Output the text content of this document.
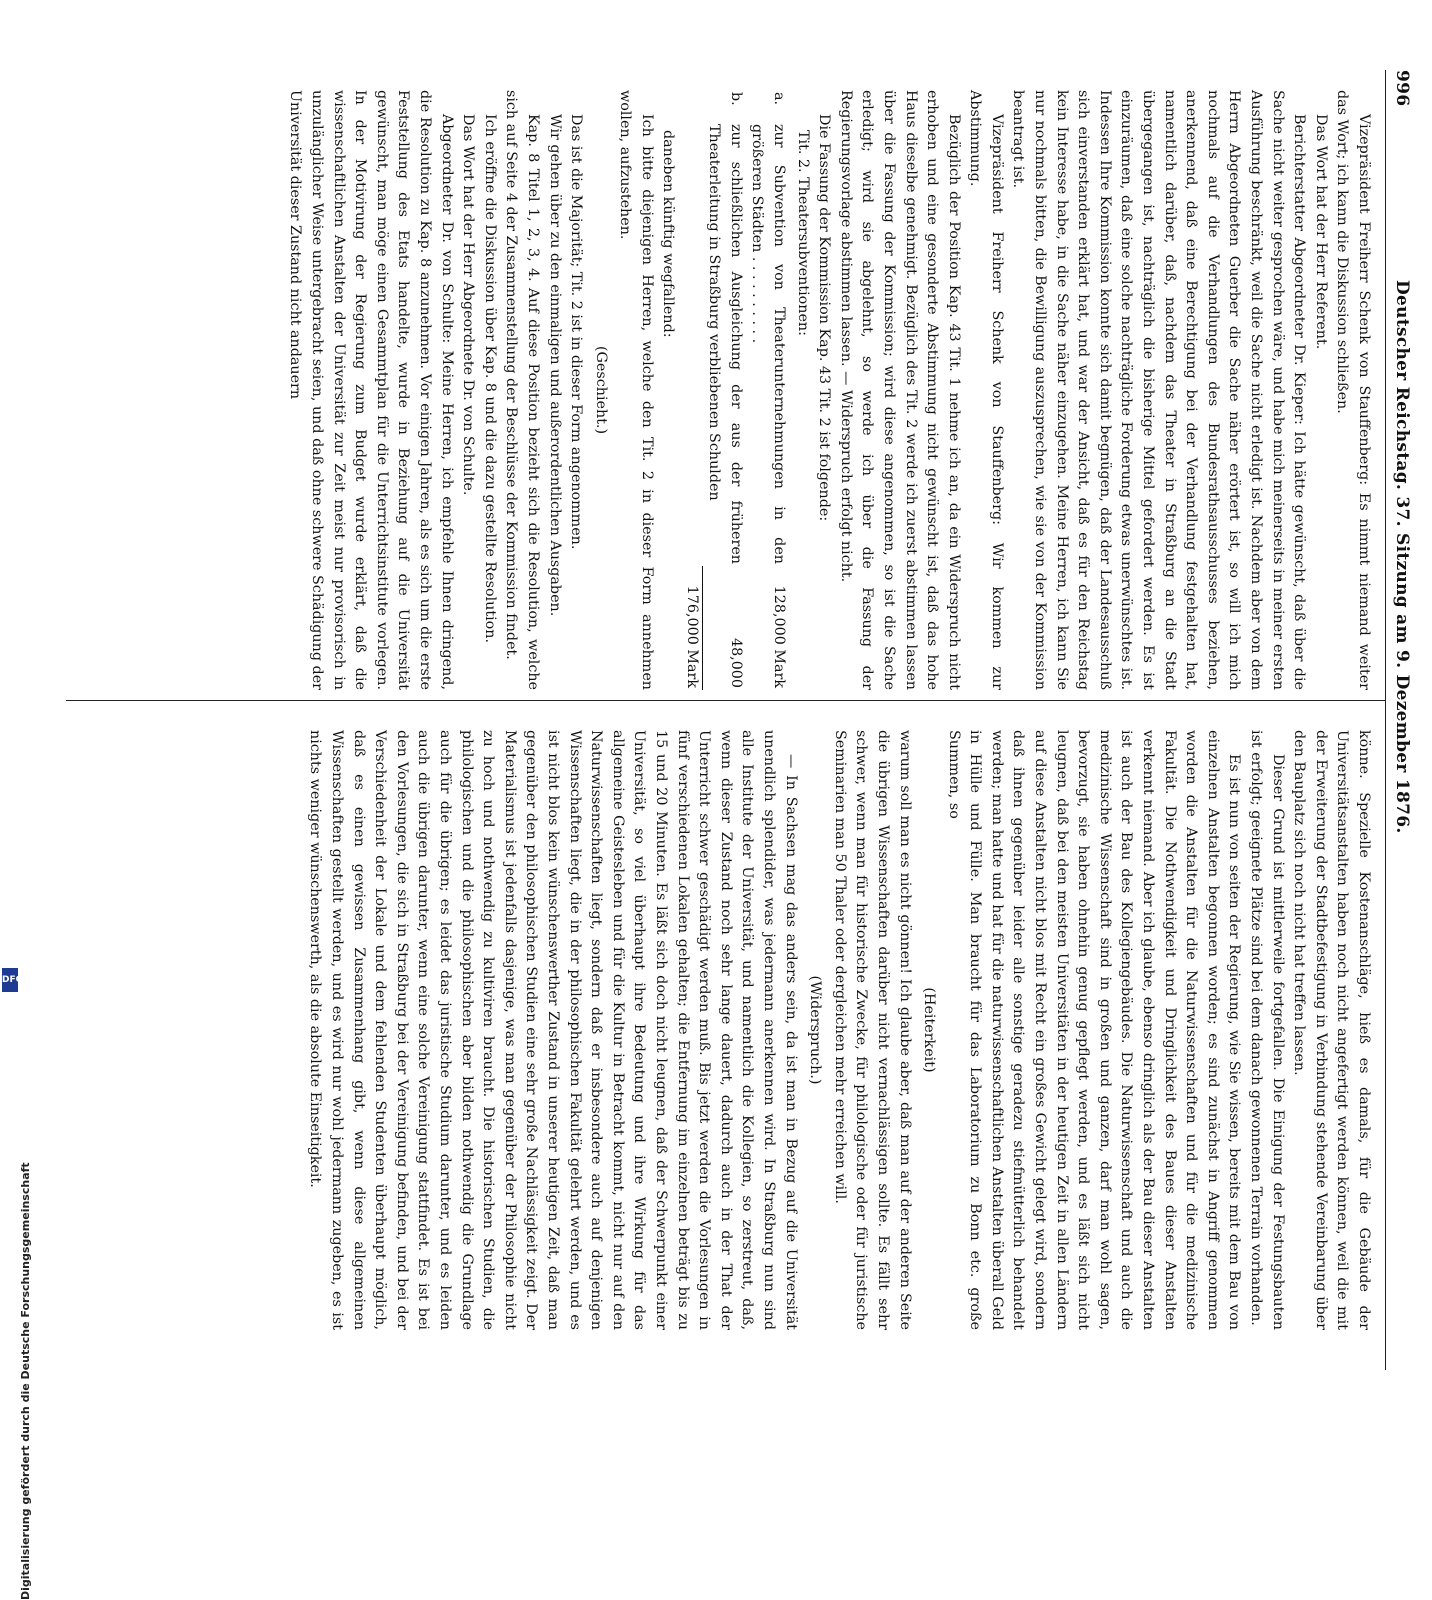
996
Deutscher Reichstag. 37. Sitzung am 9. Dezember 1876.

Vizepräsident Freiherr Schenk von Stauffenberg: Es nimmt niemand weiter das Wort; ich kann die Diskussion schließen.

Das Wort hat der Herr Referent.

Berichterstatter Abgeordneter Dr. Kieper: Ich hätte gewünscht, daß über die Sache nicht weiter gesprochen wäre, und habe mich meinerseits in meiner ersten Ausführung beschränkt, weil die Sache nicht erledigt ist. Nachdem aber von dem Herrn Abgeordneten Guerber die Sache näher erörtert ist, so will ich mich nochmals auf die Verhandlungen des Bundesrathsausschusses beziehen, anerkennend, daß eine Berechtigung bei der Verhandlung festgehalten hat, namentlich darüber, daß, nachdem das Theater in Straßburg an die Stadt übergegangen ist, nachträglich die bisherige Mittel gefordert werden. Es ist einzuräumen, daß eine solche nachträgliche Forderung etwas unerwünschtes ist. Indessen Ihre Kommission konnte sich damit begnügen, daß der Landesausschuß sich einverstanden erklärt hat, und war der Ansicht, daß es für den Reichstag kein Interesse habe, in die Sache näher einzugehen. Meine Herren, ich kann Sie nur nochmals bitten, die Bewilligung auszusprechen, wie sie von der Kommission beantragt ist.

Vizepräsident Freiherr Schenk von Stauffenberg: Wir kommen zur Abstimmung.

Bezüglich der Position Kap. 43 Tit. 1 nehme ich an, da ein Widerspruch nicht erhoben und eine gesonderte Abstimmung nicht gewünscht ist, daß das hohe Haus dieselbe genehmigt. Bezüglich des Tit. 2 werde ich zuerst abstimmen lassen über die Fassung der Kommission; wird diese angenommen, so ist die Sache erledigt; wird sie abgelehnt, so werde ich über die Fassung der Regierungsvorlage abstimmen lassen. — Widerspruch erfolgt nicht.

Die Fassung der Kommission Kap. 43 Tit. 2 ist folgende:

Tit. 2. Theatersubventionen:

a.	zur Subvention von Theaterunternehmungen in den größeren Städten . . . . . . . . . .	128,000 Mark
b.	zur schließlichen Ausgleichung der aus der früheren Theaterleitung in Straßburg verbliebenen Schulden	48,000
		176,000 Mark

daneben künftig wegfallend:

Ich bitte diejenigen Herren, welche den Tit. 2 in dieser Form annehmen wollen, aufzustehen.

(Geschieht.)

Das ist die Majorität; Tit. 2 ist in dieser Form angenommen.

Wir gehen über zu den einmaligen und außerordentlichen Ausgaben.

Kap. 8 Titel 1, 2, 3, 4. Auf diese Position bezieht sich die Resolution, welche sich auf Seite 4 der Zusammenstellung der Beschlüsse der Kommission findet.

Ich eröffne die Diskussion über Kap. 8 und die dazu gestellte Resolution.

Das Wort hat der Herr Abgeordnete Dr. von Schulte.

Abgeordneter Dr. von Schulte: Meine Herren, ich empfehle Ihnen dringend, die Resolution zu Kap. 8 anzunehmen. Vor einigen Jahren, als es sich um die erste Feststellung des Etats handelte, wurde in Beziehung auf die Universität gewünscht, man möge einen Gesammtplan für die Unterrichtsinstitute vorlegen. In der Motivirung der Regierung zum Budget wurde erklärt, daß die wissenschaftlichen Anstalten der Universität zur Zeit meist nur provisorisch in unzulänglicher Weise untergebracht seien, und daß ohne schwere Schädigung der Universität dieser Zustand nicht andauern

könne. Spezielle Kostenanschläge, hieß es damals, für die Gebäude der Universitätsanstalten haben noch nicht angefertigt werden können, weil die mit der Erweiterung der Stadtbefestigung in Verbindung stehende Vereinbarung über den Bauplatz sich noch nicht hat treffen lassen.

Dieser Grund ist mittlerweile fortgefallen. Die Einigung der Festungsbauten ist erfolgt; geeignete Plätze sind bei dem danach gewonnenen Terrain vorhanden.

Es ist nun von seiten der Regierung, wie Sie wissen, bereits mit dem Bau von einzelnen Anstalten begonnen worden; es sind zunächst in Angriff genommen worden die Anstalten für die Naturwissenschaften und für die medizinische Fakultät. Die Nothwendigkeit und Dringlichkeit des Baues dieser Anstalten verkennt niemand. Aber ich glaube, ebenso dringlich als der Bau dieser Anstalten ist auch der Bau des Kollegiengebäudes. Die Naturwissenschaft und auch die medizinische Wissenschaft sind in großen und ganzen, darf man wohl sagen, bevorzugt, sie haben ohnehin genug gepflegt werden, und es läßt sich nicht leugnen, daß bei den meisten Universitäten in der heutigen Zeit in allen Ländern auf diese Anstalten nicht blos mit Recht ein großes Gewicht gelegt wird, sondern daß ihnen gegenüber leider alle sonstige geradezu stiefmütterlich behandelt werden; man hatte und hat für die naturwissenschaftlichen Anstalten überall Geld in Hülle und Fülle. Man braucht für das Laboratorium zu Bonn etc. große Summen, so

(Heiterkeit)

warum soll man es nicht gönnen! Ich glaube aber, daß man auf der anderen Seite die übrigen Wissenschaften darüber nicht vernachlässigen sollte. Es fällt sehr schwer, wenn man für historische Zwecke, für philologische oder für juristische Seminarien man 50 Thaler oder dergleichen mehr erreichen will.

(Widerspruch.)

— In Sachsen mag das anders sein, da ist man in Bezug auf die Universität unendlich splendider, was jedermann anerkennen wird. In Straßburg nun sind alle Institute der Universität, und namentlich die Kollegien, so zerstreut, daß, wenn dieser Zustand noch sehr lange dauert, dadurch auch in der That der Unterricht schwer geschädigt werden muß. Bis jetzt werden die Vorlesungen in fünf verschiedenen Lokalen gehalten; die Entfernung im einzelnen beträgt bis zu 15 und 20 Minuten. Es läßt sich doch nicht leugnen, daß der Schwerpunkt einer Universität, so viel überhaupt ihre Bedeutung und ihre Wirkung für das allgemeine Geistesleben und für die Kultur in Betracht kommt, nicht nur auf den Naturwissenschaften liegt, sondern daß er insbesondere auch auf denjenigen Wissenschaften liegt, die in der philosophischen Fakultät gelehrt werden, und es ist nicht blos kein wünschenswerther Zustand in unserer heutigen Zeit, daß man gegenüber den philosophischen Studien eine sehr große Nachlässigkeit zeigt. Der Materialismus ist jedenfalls dasjenige, was man gegenüber der Philosophie nicht zu hoch und nothwendig zu kultiviren braucht. Die historischen Studien, die philologischen und die philosophischen aber bilden nothwendig die Grundlage auch für die übrigen; es leidet das juristische Studium darunter, und es leiden auch die übrigen darunter, wenn eine solche Vereinigung stattfindet. Es ist bei den Vorlesungen, die sich in Straßburg bei der Vereinigung befinden, und bei der Verschiedenheit der Lokale und dem fehlenden Studenten überhaupt möglich, daß es einen gewissen Zusammenhang gibt, wenn diese allgemeinen Wissenschaften gestellt werden, und es wird nur wohl jedermann zugeben, es ist nichts weniger wünschenswerth, als die absolute Einseitigkeit.

Digitalisierung gefördert durch die Deutsche Forschungsgemeinschaft
DFG
